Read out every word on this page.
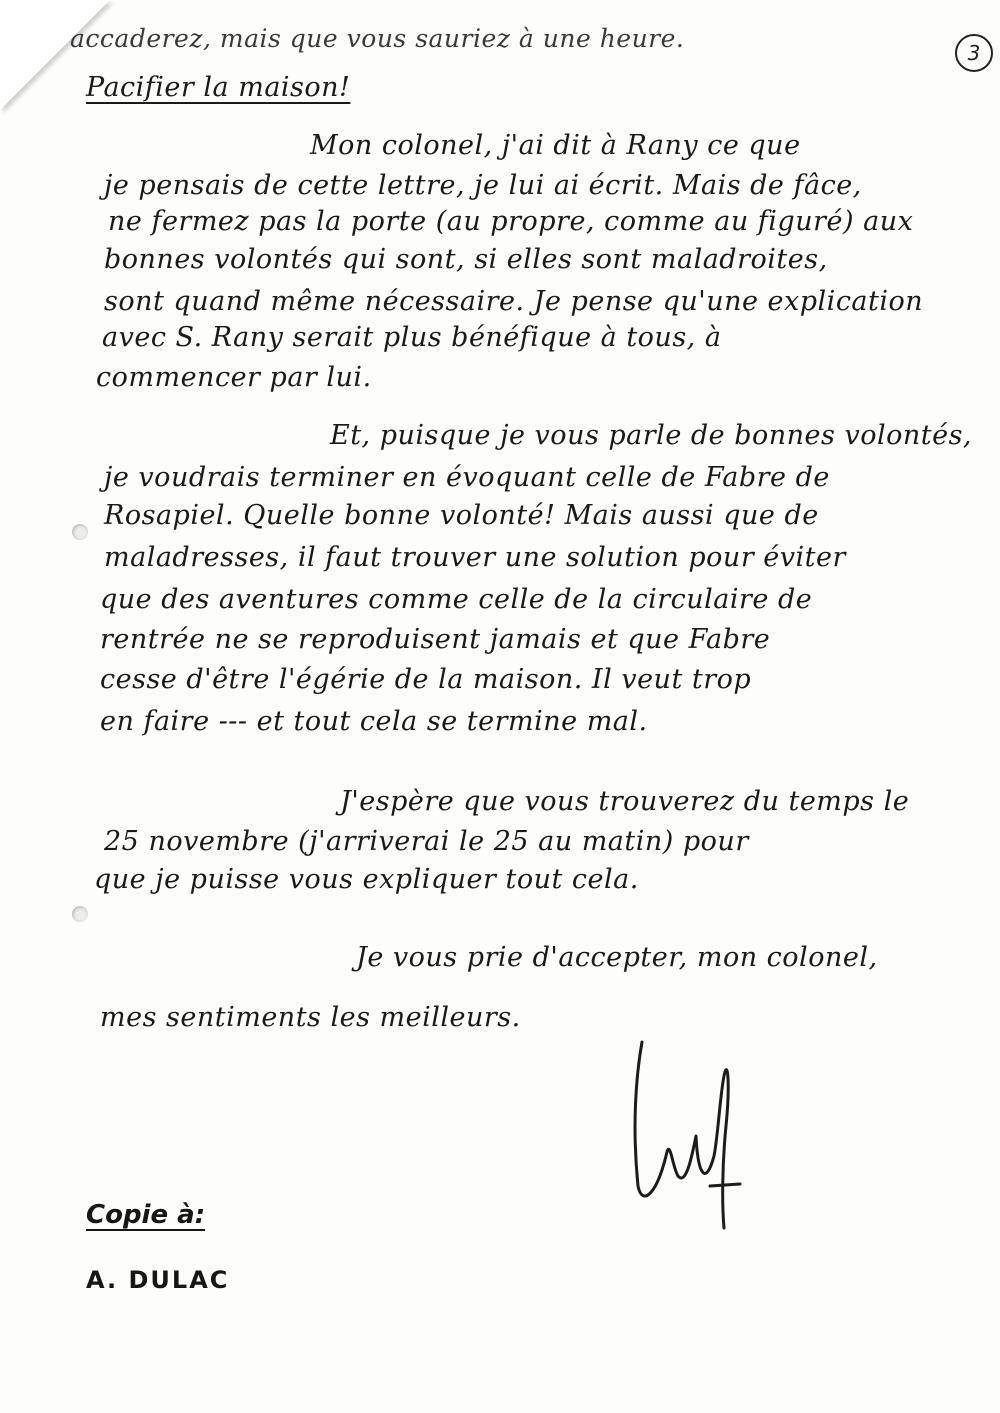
3
accaderez, mais que vous sauriez à une heure.
Pacifier la maison!
Mon colonel, j'ai dit à Rany ce que
je pensais de cette lettre, je lui ai écrit. Mais de fâce,
ne fermez pas la porte (au propre, comme au figuré) aux
bonnes volontés qui sont, si elles sont maladroites,
sont quand même nécessaire. Je pense qu'une explication
avec S. Rany serait plus bénéfique à tous, à
commencer par lui.
Et, puisque je vous parle de bonnes volontés,
je voudrais terminer en évoquant celle de Fabre de
Rosapiel. Quelle bonne volonté! Mais aussi que de
maladresses, il faut trouver une solution pour éviter
que des aventures comme celle de la circulaire de
rentrée ne se reproduisent jamais et que Fabre
cesse d'être l'égérie de la maison. Il veut trop
en faire --- et tout cela se termine mal.
J'espère que vous trouverez du temps le
25 novembre (j'arriverai le 25 au matin) pour
que je puisse vous expliquer tout cela.
Je vous prie d'accepter, mon colonel,
mes sentiments les meilleurs.
Copie à:
A. DULAC
